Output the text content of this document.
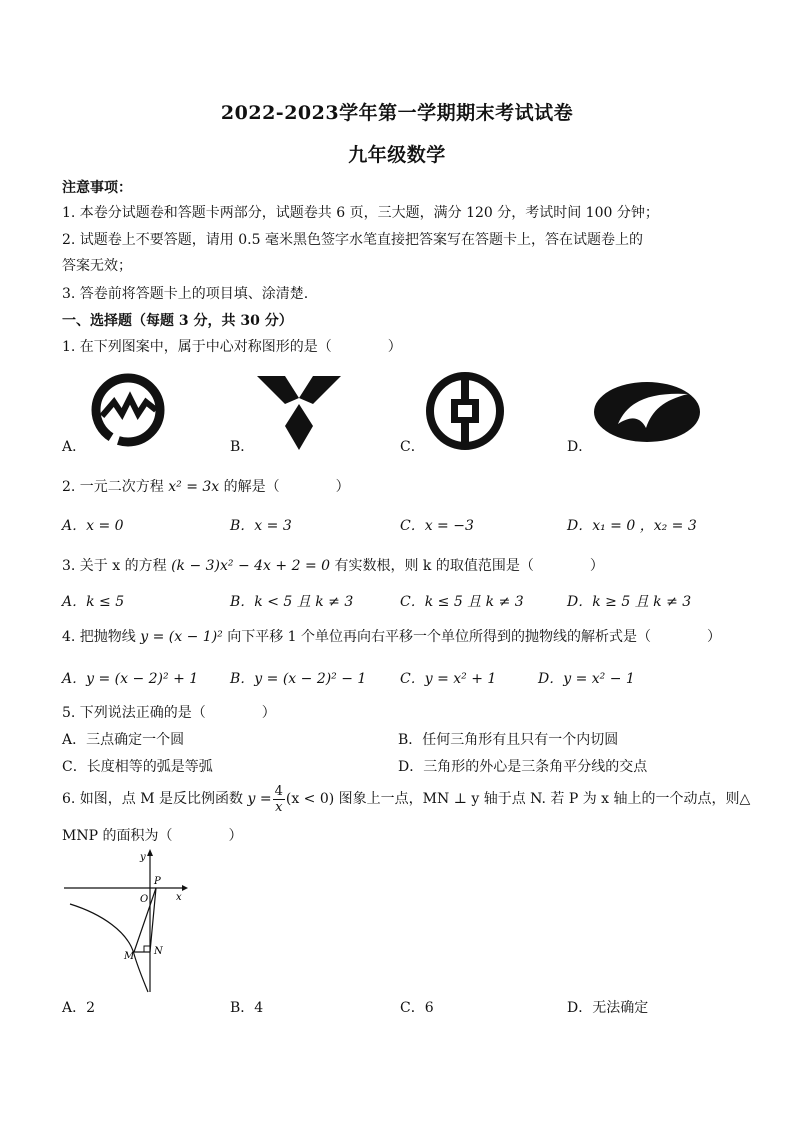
2022-2023学年第一学期期末考试试卷
九年级数学
注意事项：
1. 本卷分试题卷和答题卡两部分，试题卷共 6 页，三大题，满分 120 分，考试时间 100 分钟；
2. 试题卷上不要答题，请用 0.5 毫米黑色签字水笔直接把答案写在答题卡上，答在试题卷上的
答案无效；
3. 答卷前将答题卡上的项目填、涂清楚.
一、选择题（每题 3 分，共 30 分）
1. 在下列图案中，属于中心对称图形的是（　　　　）
A．	B．	C．	D．
2. 一元二次方程 x² = 3x 的解是（　　　　）
A．x = 0	B．x = 3	C．x = −3	D．x₁ = 0 ，x₂ = 3
3. 关于 x 的方程 (k − 3)x² − 4x + 2 = 0 有实数根，则 k 的取值范围是（　　　　）
A．k ≤ 5	B．k < 5 且 k ≠ 3	C．k ≤ 5 且 k ≠ 3	D．k ≥ 5 且 k ≠ 3
4. 把抛物线 y = (x − 1)² 向下平移 1 个单位再向右平移一个单位所得到的抛物线的解析式是（　　　　）
A．y = (x − 2)² + 1 B．y = (x − 2)² − 1 C．y = x² + 1	D．y = x² − 1
5. 下列说法正确的是（　　　　）
A．三点确定一个圆	B．任何三角形有且只有一个内切圆
C．长度相等的弧是等弧	D．三角形的外心是三条角平分线的交点
6. 如图，点 M 是反比例函数 $y = \frac{4}{x} (x < 0)$ 图象上一点，MN ⊥ y 轴于点 N. 若 P 为 x 轴上的一个动点，则△
MNP 的面积为（　　　　）
y
x
O
P
M N
A．2	B．4	C．6	D．无法确定
